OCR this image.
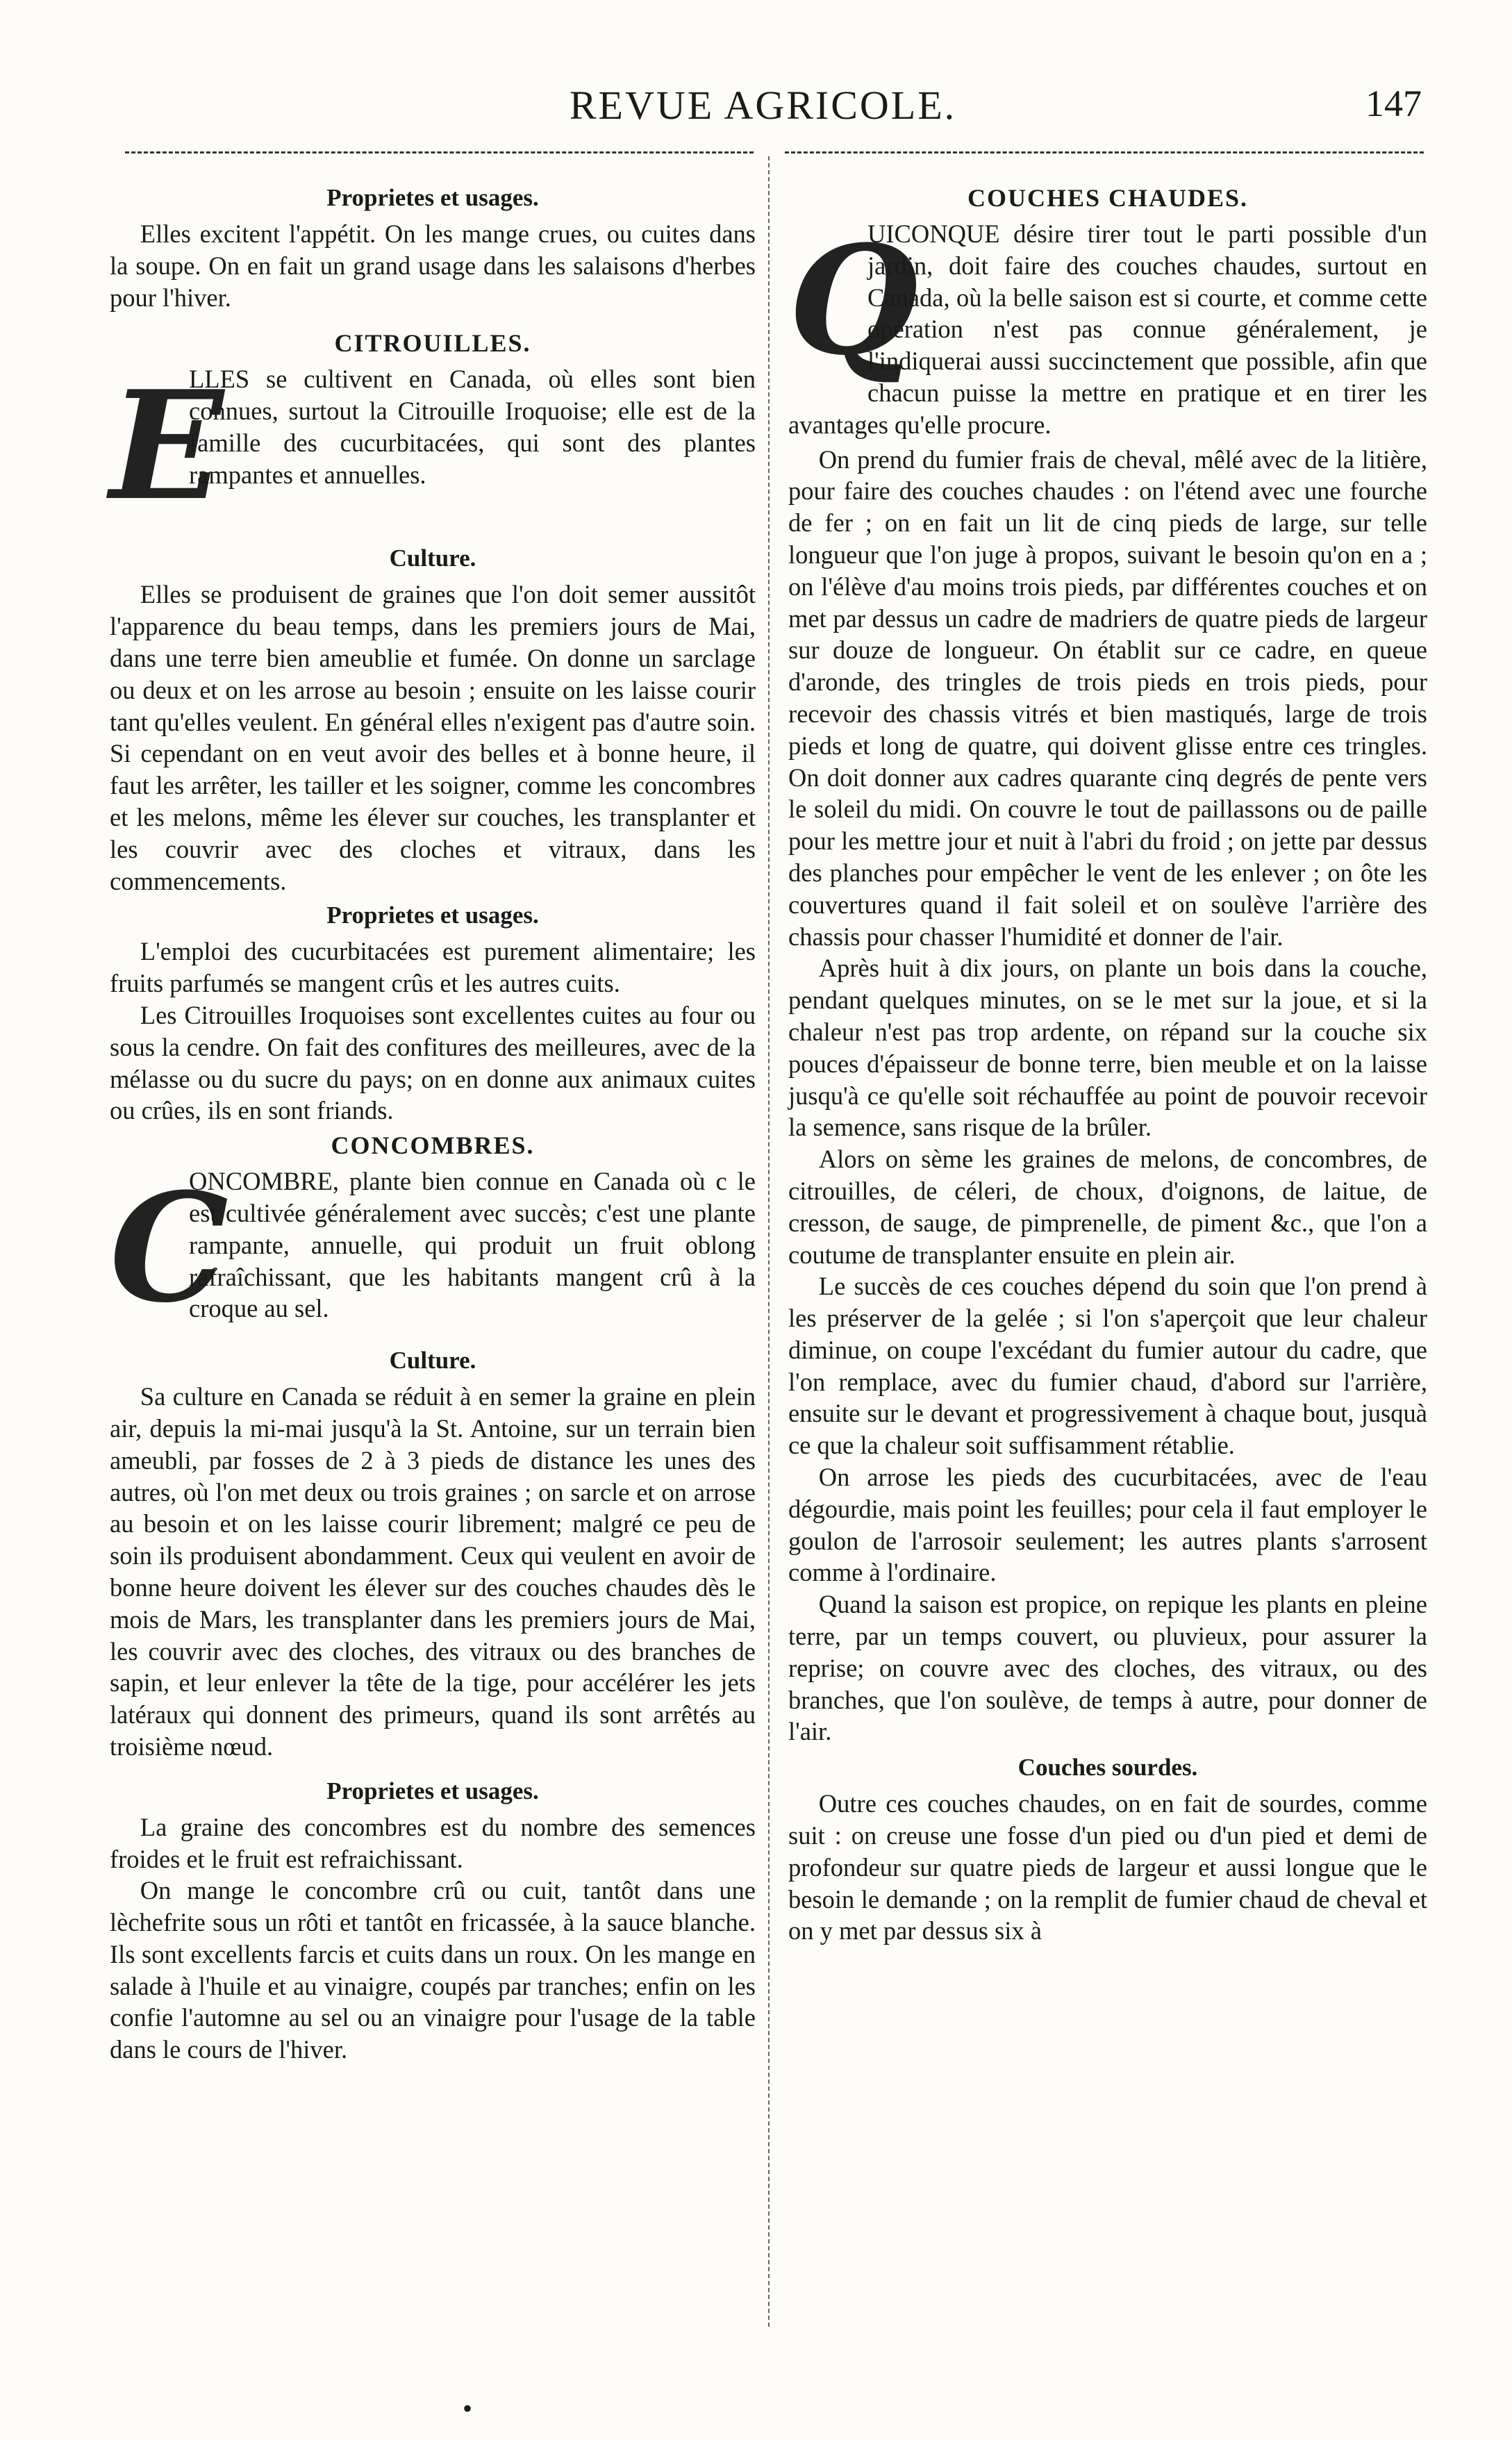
REVUE AGRICOLE.	147
Proprietes et usages.

Elles excitent l'appétit. On les mange crues, ou cuites dans la soupe. On en fait un grand usage dans les salaisons d'herbes pour l'hiver.

CITROUILLES.
E

LLES se cultivent en Canada, où elles sont bien connues, surtout la Citrouille Iroquoise; elle est de la famille des cucurbitacées, qui sont des plantes rampantes et annuelles.

Culture.

Elles se produisent de graines que l'on doit semer aussitôt l'apparence du beau temps, dans les premiers jours de Mai, dans une terre bien ameublie et fumée. On donne un sarclage ou deux et on les arrose au besoin ; ensuite on les laisse courir tant qu'elles veulent. En général elles n'exigent pas d'autre soin. Si cependant on en veut avoir des belles et à bonne heure, il faut les arrêter, les tailler et les soigner, comme les concombres et les melons, même les élever sur couches, les transplanter et les couvrir avec des cloches et vitraux, dans les commencements.

Proprietes et usages.

L'emploi des cucurbitacées est purement alimentaire; les fruits parfumés se mangent crûs et les autres cuits.

Les Citrouilles Iroquoises sont excellentes cuites au four ou sous la cendre. On fait des confitures des meilleures, avec de la mélasse ou du sucre du pays; on en donne aux animaux cuites ou crûes, ils en sont friands.

CONCOMBRES.
C

ONCOMBRE, plante bien connue en Canada où c le est cultivée généralement avec succès; c'est une plante rampante, annuelle, qui produit un fruit oblong rafraîchissant, que les habitants mangent crû à la croque au sel.

Culture.

Sa culture en Canada se réduit à en semer la graine en plein air, depuis la mi-mai jusqu'à la St. Antoine, sur un terrain bien ameubli, par fosses de 2 à 3 pieds de distance les unes des autres, où l'on met deux ou trois graines ; on sarcle et on arrose au besoin et on les laisse courir librement; malgré ce peu de soin ils produisent abondamment. Ceux qui veulent en avoir de bonne heure doivent les élever sur des couches chaudes dès le mois de Mars, les transplanter dans les premiers jours de Mai, les couvrir avec des cloches, des vitraux ou des branches de sapin, et leur enlever la tête de la tige, pour accélérer les jets latéraux qui donnent des primeurs, quand ils sont arrêtés au troisième nœud.

Proprietes et usages.

La graine des concombres est du nombre des semences froides et le fruit est refraichissant.

On mange le concombre crû ou cuit, tantôt dans une lèchefrite sous un rôti et tantôt en fricassée, à la sauce blanche. Ils sont excellents farcis et cuits dans un roux. On les mange en salade à l'huile et au vinaigre, coupés par tranches; enfin on les confie l'automne au sel ou an vinaigre pour l'usage de la table dans le cours de l'hiver.

COUCHES CHAUDES.
Q

UICONQUE désire tirer tout le parti possible d'un jardin, doit faire des couches chaudes, surtout en Canada, où la belle saison est si courte, et comme cette opération n'est pas connue généralement, je l'indiquerai aussi succinctement que possible, afin que chacun puisse la mettre en pratique et en tirer les avantages qu'elle procure.

On prend du fumier frais de cheval, mêlé avec de la litière, pour faire des couches chaudes : on l'étend avec une fourche de fer ; on en fait un lit de cinq pieds de large, sur telle longueur que l'on juge à propos, suivant le besoin qu'on en a ; on l'élève d'au moins trois pieds, par différentes couches et on met par dessus un cadre de madriers de quatre pieds de largeur sur douze de longueur. On établit sur ce cadre, en queue d'aronde, des tringles de trois pieds en trois pieds, pour recevoir des chassis vitrés et bien mastiqués, large de trois pieds et long de quatre, qui doivent glisse entre ces tringles. On doit donner aux cadres quarante cinq degrés de pente vers le soleil du midi. On couvre le tout de paillassons ou de paille pour les mettre jour et nuit à l'abri du froid ; on jette par dessus des planches pour empêcher le vent de les enlever ; on ôte les couvertures quand il fait soleil et on soulève l'arrière des chassis pour chasser l'humidité et donner de l'air.

Après huit à dix jours, on plante un bois dans la couche, pendant quelques minutes, on se le met sur la joue, et si la chaleur n'est pas trop ardente, on répand sur la couche six pouces d'épaisseur de bonne terre, bien meuble et on la laisse jusqu'à ce qu'elle soit réchauffée au point de pouvoir recevoir la semence, sans risque de la brûler.

Alors on sème les graines de melons, de concombres, de citrouilles, de céleri, de choux, d'oignons, de laitue, de cresson, de sauge, de pimprenelle, de piment &c., que l'on a coutume de transplanter ensuite en plein air.

Le succès de ces couches dépend du soin que l'on prend à les préserver de la gelée ; si l'on s'aperçoit que leur chaleur diminue, on coupe l'excédant du fumier autour du cadre, que l'on remplace, avec du fumier chaud, d'abord sur l'arrière, ensuite sur le devant et progressivement à chaque bout, jusquà ce que la chaleur soit suffisamment rétablie.

On arrose les pieds des cucurbitacées, avec de l'eau dégourdie, mais point les feuilles; pour cela il faut employer le goulon de l'arrosoir seulement; les autres plants s'arrosent comme à l'ordinaire.

Quand la saison est propice, on repique les plants en pleine terre, par un temps couvert, ou pluvieux, pour assurer la reprise; on couvre avec des cloches, des vitraux, ou des branches, que l'on soulève, de temps à autre, pour donner de l'air.

Couches sourdes.

Outre ces couches chaudes, on en fait de sourdes, comme suit : on creuse une fosse d'un pied ou d'un pied et demi de profondeur sur quatre pieds de largeur et aussi longue que le besoin le demande ; on la remplit de fumier chaud de cheval et on y met par dessus six à

•
